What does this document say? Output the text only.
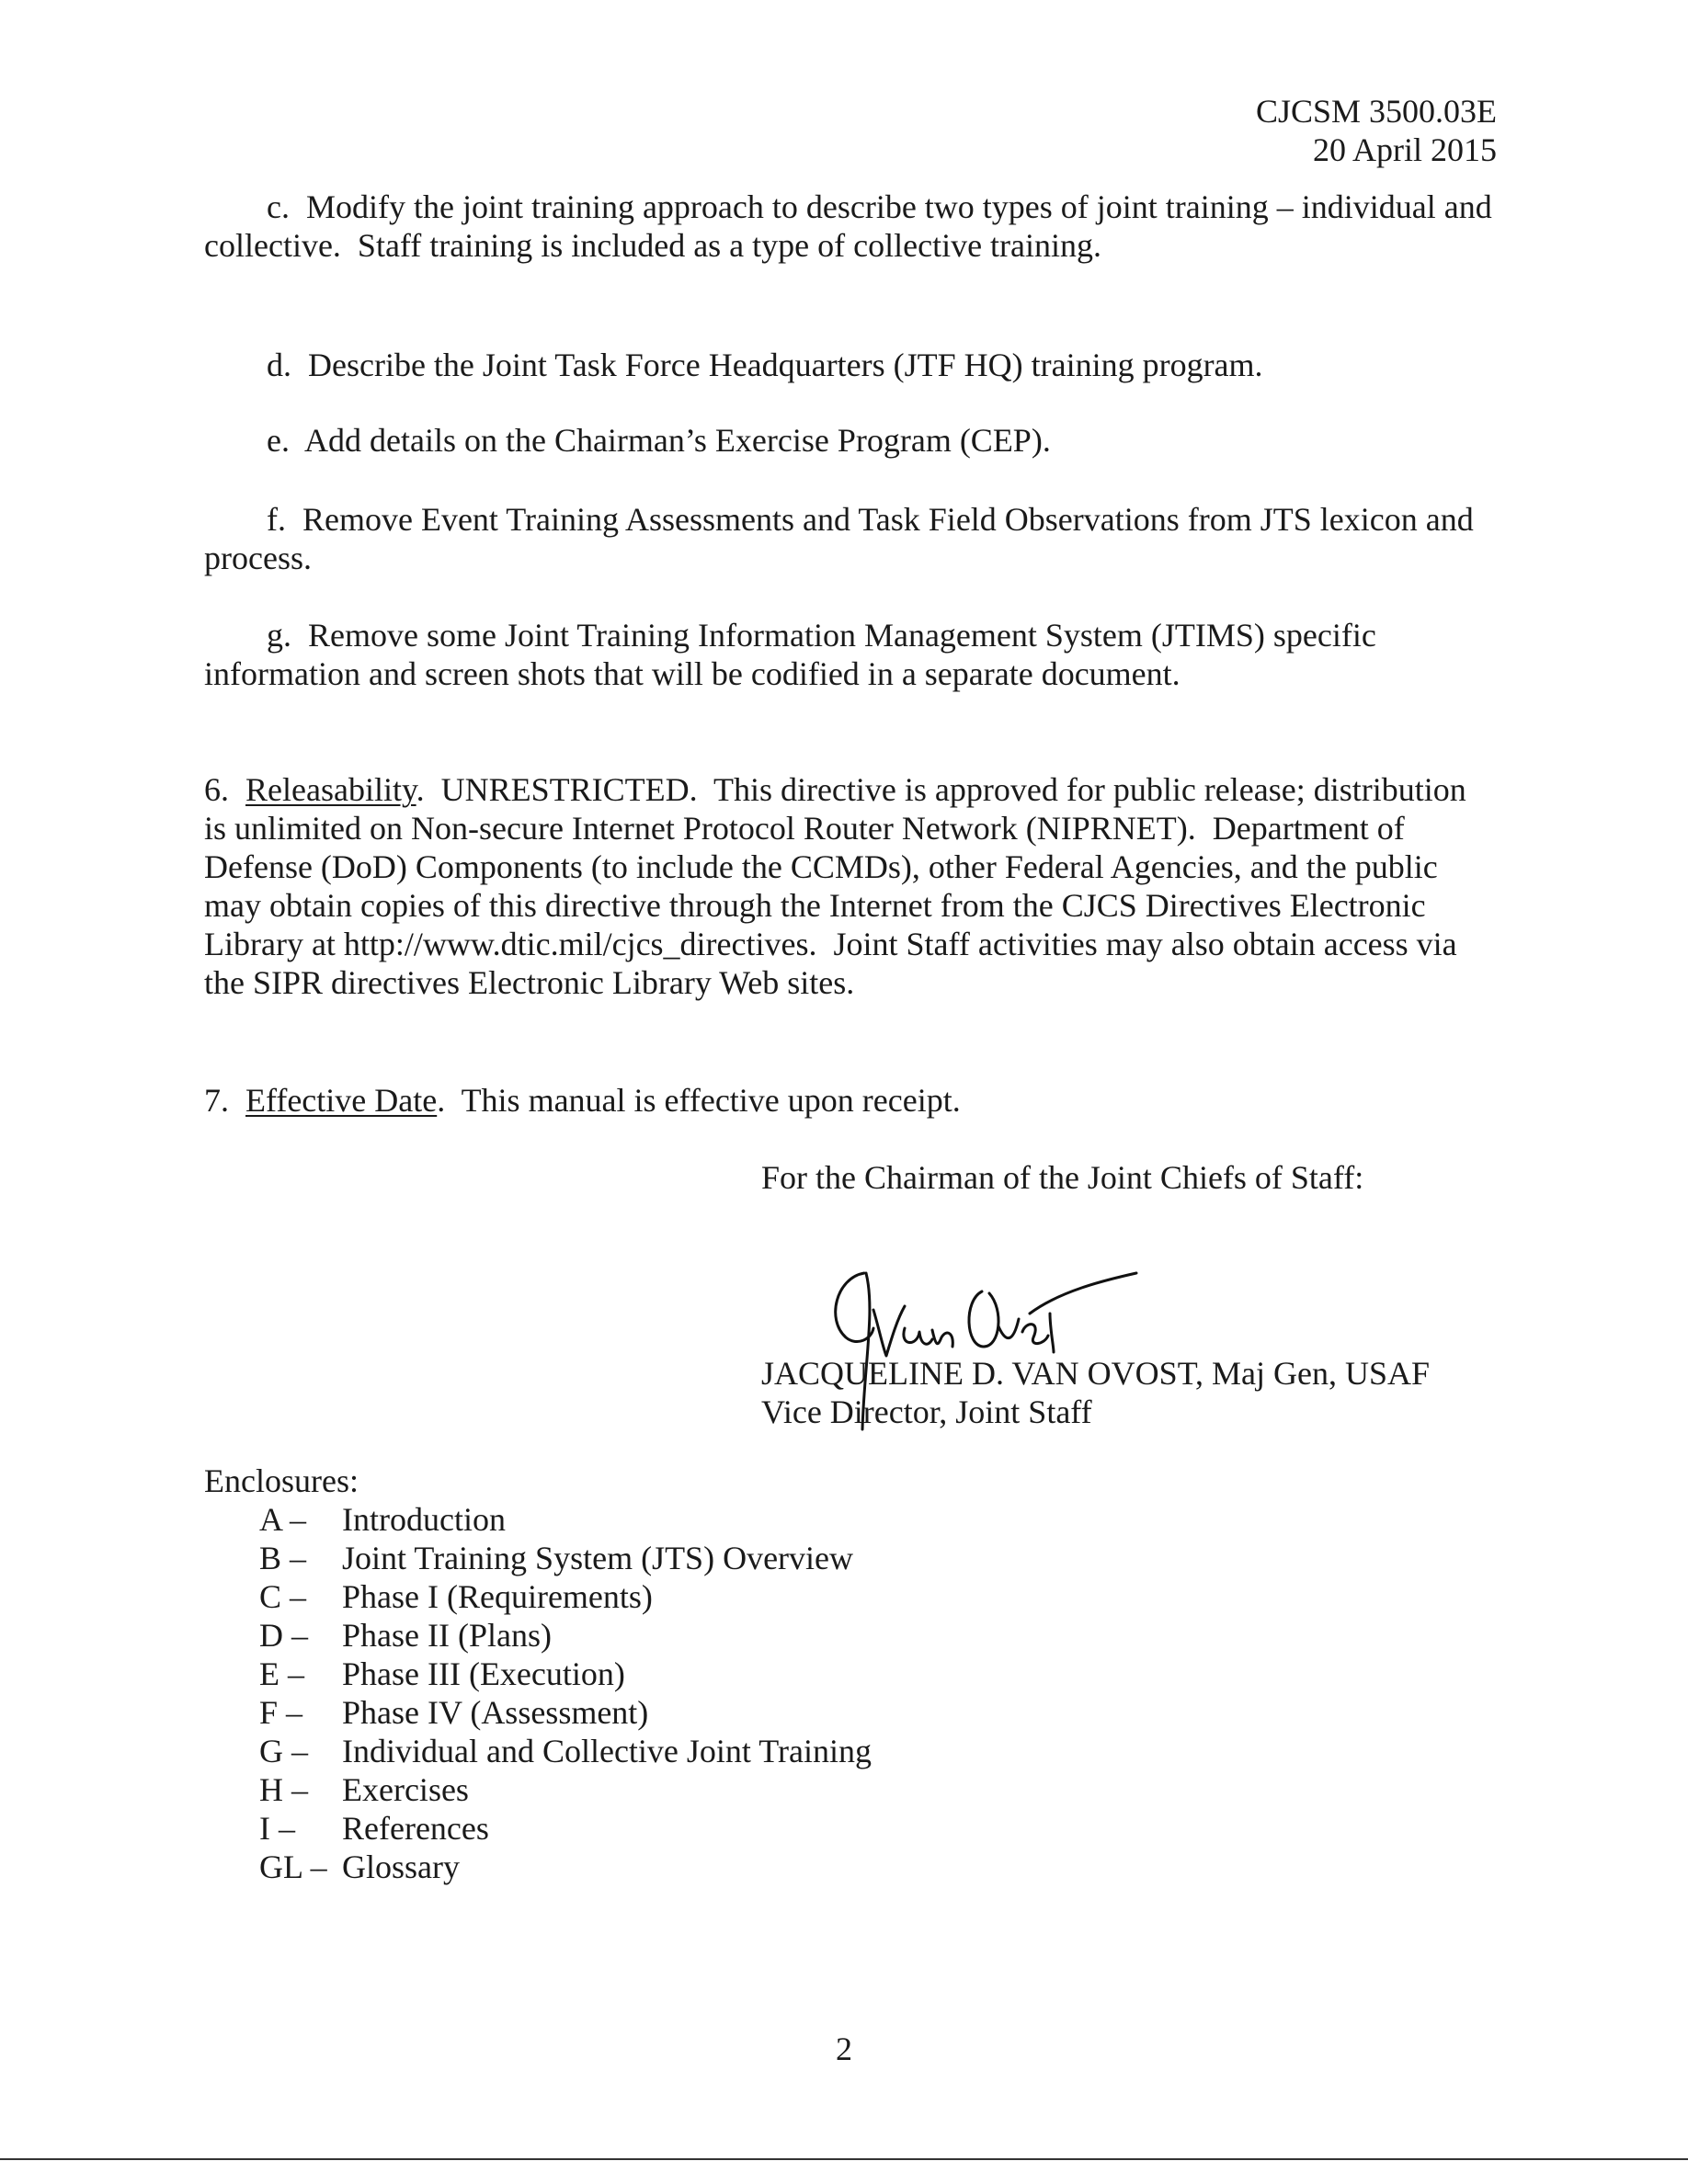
CJCSM 3500.03E
20 April 2015
c.  Modify the joint training approach to describe two types of joint training – individual and collective.  Staff training is included as a type of collective training.
d.  Describe the Joint Task Force Headquarters (JTF HQ) training program.
e.  Add details on the Chairman’s Exercise Program (CEP).
f.  Remove Event Training Assessments and Task Field Observations from JTS lexicon and process.
g.  Remove some Joint Training Information Management System (JTIMS) specific information and screen shots that will be codified in a separate document.
6.  Releasability.  UNRESTRICTED.  This directive is approved for public release; distribution is unlimited on Non-secure Internet Protocol Router Network (NIPRNET).  Department of Defense (DoD) Components (to include the CCMDs), other Federal Agencies, and the public may obtain copies of this directive through the Internet from the CJCS Directives Electronic Library at http://www.dtic.mil/cjcs_directives.  Joint Staff activities may also obtain access via the SIPR directives Electronic Library Web sites.
7.  Effective Date.  This manual is effective upon receipt.
For the Chairman of the Joint Chiefs of Staff:
JACQUELINE D. VAN OVOST, Maj Gen, USAF
Vice Director, Joint Staff
Enclosures:
A –	Introduction
B –	Joint Training System (JTS) Overview
C –	Phase I (Requirements)
D –	Phase II (Plans)
E –	Phase III (Execution)
F –	Phase IV (Assessment)
G –	Individual and Collective Joint Training
H –	Exercises
I –	References
GL – Glossary
2
